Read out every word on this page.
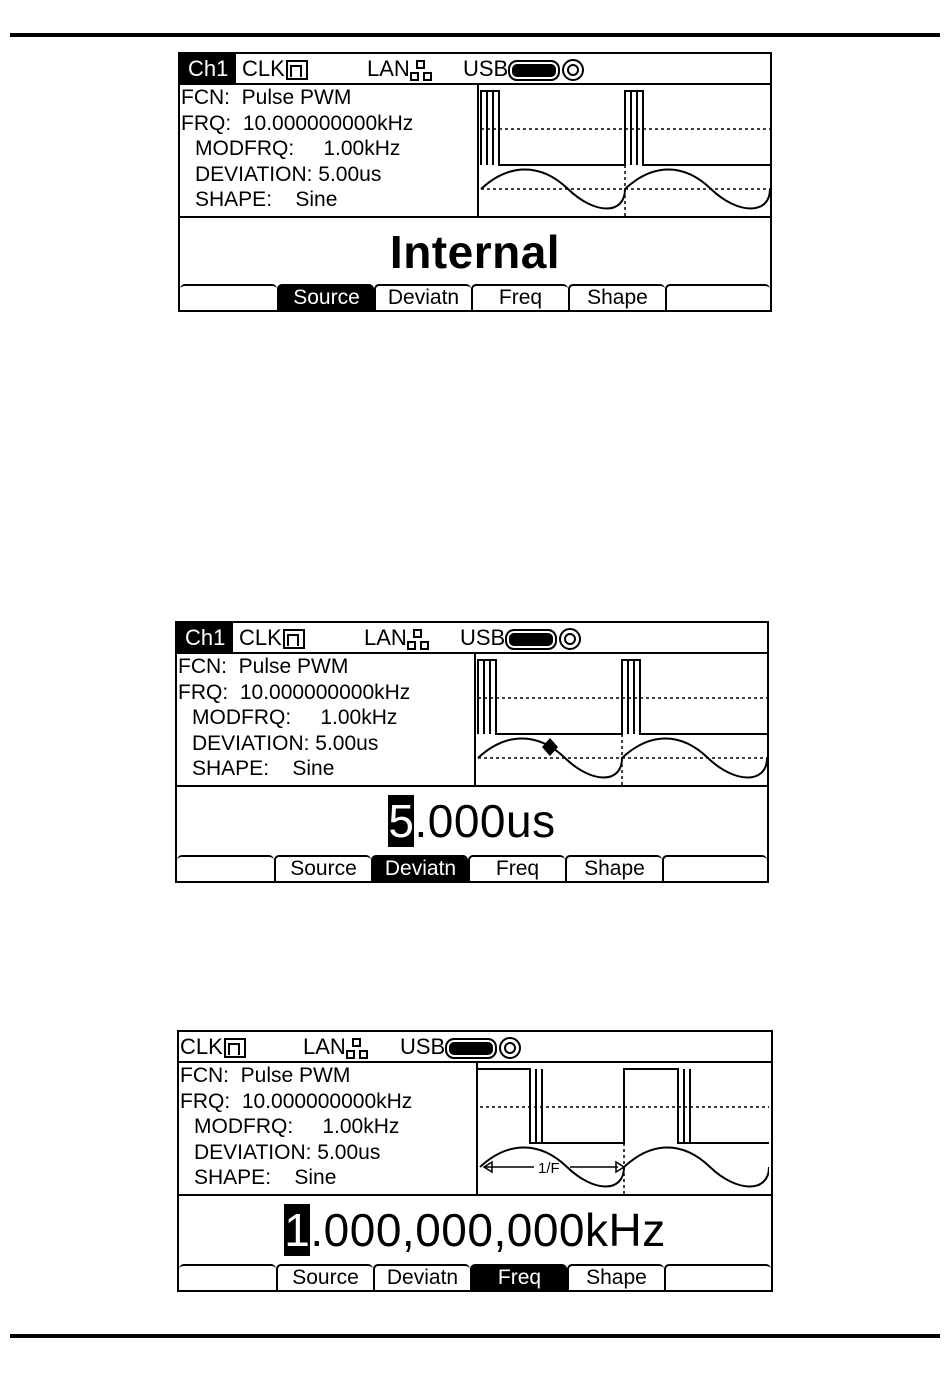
Ch1 CLK	LAN	USB
FCN:  Pulse PWM
FRQ:  10.000000000kHz
MODFRQ:     1.00kHz
DEVIATION: 5.00us
SHAPE:    Sine
Internal
Source	Deviatn	Freq	Shape
Ch1 CLK	LAN	USB
FCN:  Pulse PWM
FRQ:  10.000000000kHz
MODFRQ:     1.00kHz
DEVIATION: 5.00us
SHAPE:    Sine
5.000us
Source	Deviatn	Freq	Shape
CLK	LAN	USB
FCN:  Pulse PWM
FRQ:  10.000000000kHz
MODFRQ:     1.00kHz
DEVIATION: 5.00us
SHAPE:    Sine	1/F
1.000,000,000kHz
Source	Deviatn	Freq	Shape
